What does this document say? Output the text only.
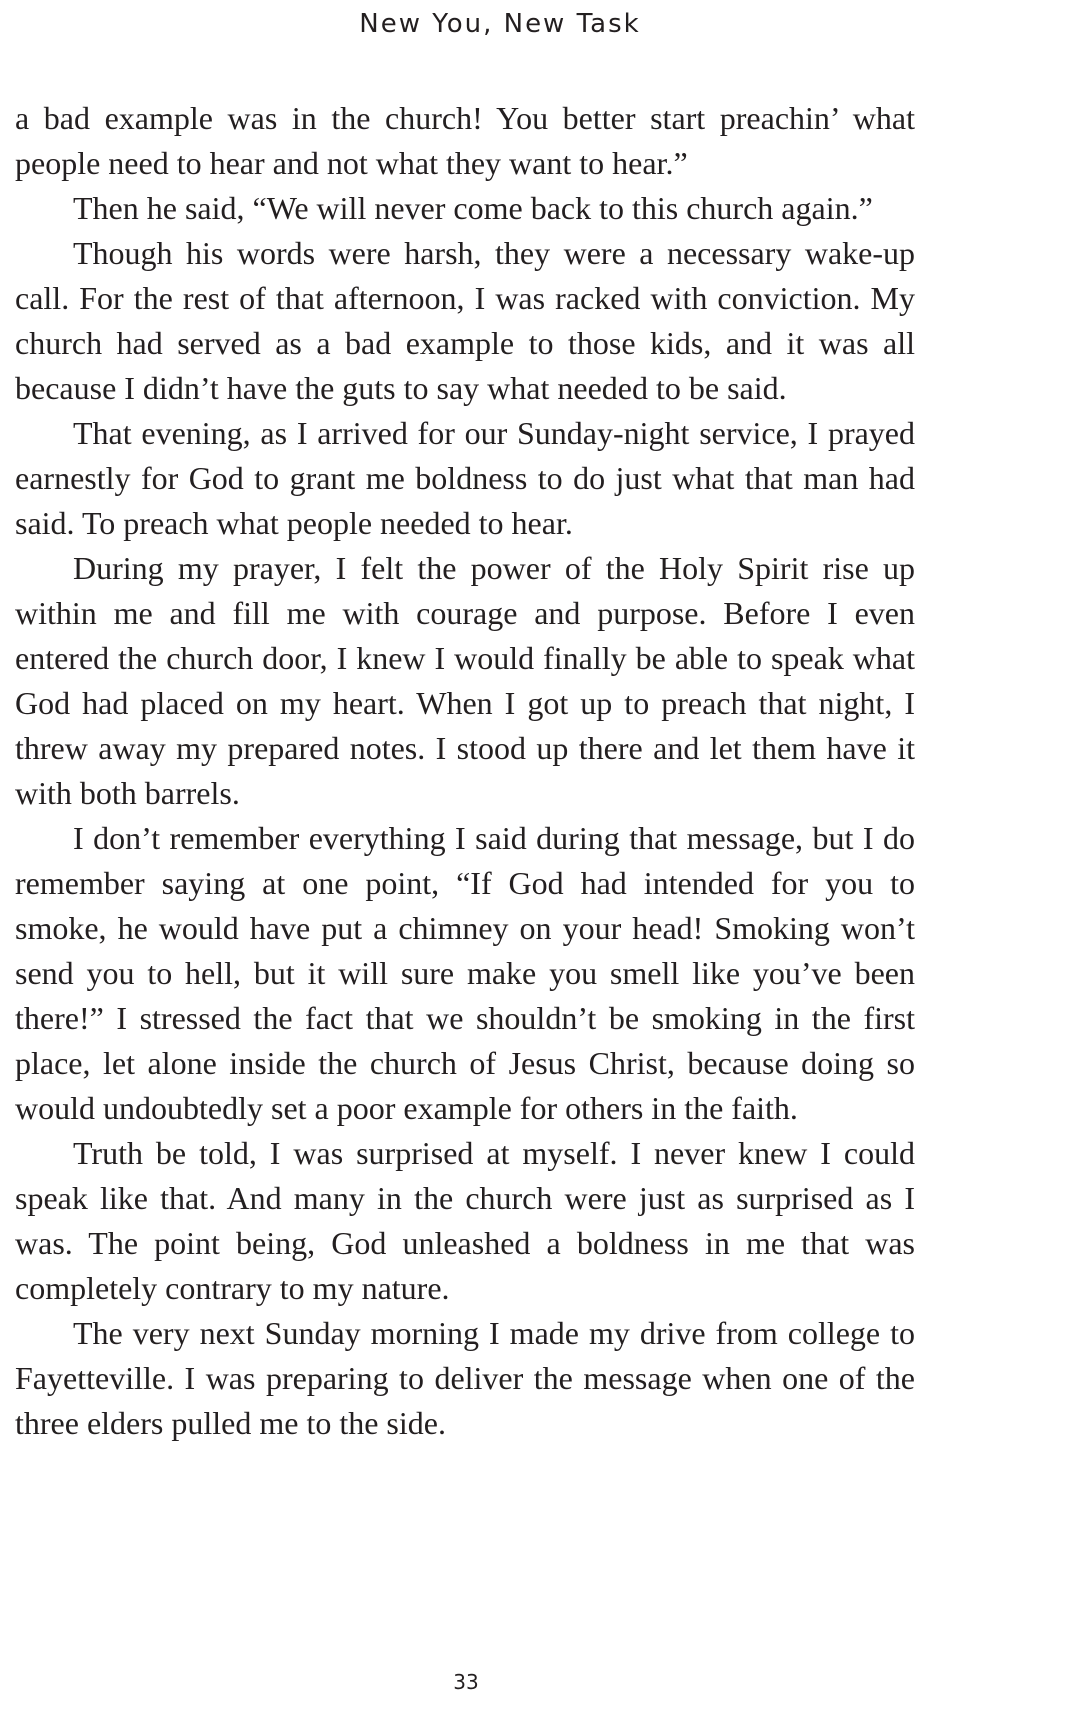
New You, New Task

a bad example was in the church! You better start preachin’ what people need to hear and not what they want to hear.”

Then he said, “We will never come back to this church again.”

Though his words were harsh, they were a necessary wake-up call. For the rest of that afternoon, I was racked with conviction. My church had served as a bad example to those kids, and it was all because I didn’t have the guts to say what needed to be said.

That evening, as I arrived for our Sunday-night service, I prayed earnestly for God to grant me boldness to do just what that man had said. To preach what people needed to hear.

During my prayer, I felt the power of the Holy Spirit rise up within me and fill me with courage and purpose. Before I even entered the church door, I knew I would finally be able to speak what God had placed on my heart. When I got up to preach that night, I threw away my prepared notes. I stood up there and let them have it with both barrels.

I don’t remember everything I said during that message, but I do remember saying at one point, “If God had intended for you to smoke, he would have put a chimney on your head! Smoking won’t send you to hell, but it will sure make you smell like you’ve been there!” I stressed the fact that we shouldn’t be smoking in the first place, let alone inside the church of Jesus Christ, because doing so would undoubtedly set a poor example for others in the faith.

Truth be told, I was surprised at myself. I never knew I could speak like that. And many in the church were just as surprised as I was. The point being, God unleashed a boldness in me that was completely contrary to my nature.

The very next Sunday morning I made my drive from college to Fayetteville. I was preparing to deliver the message when one of the three elders pulled me to the side.

33
